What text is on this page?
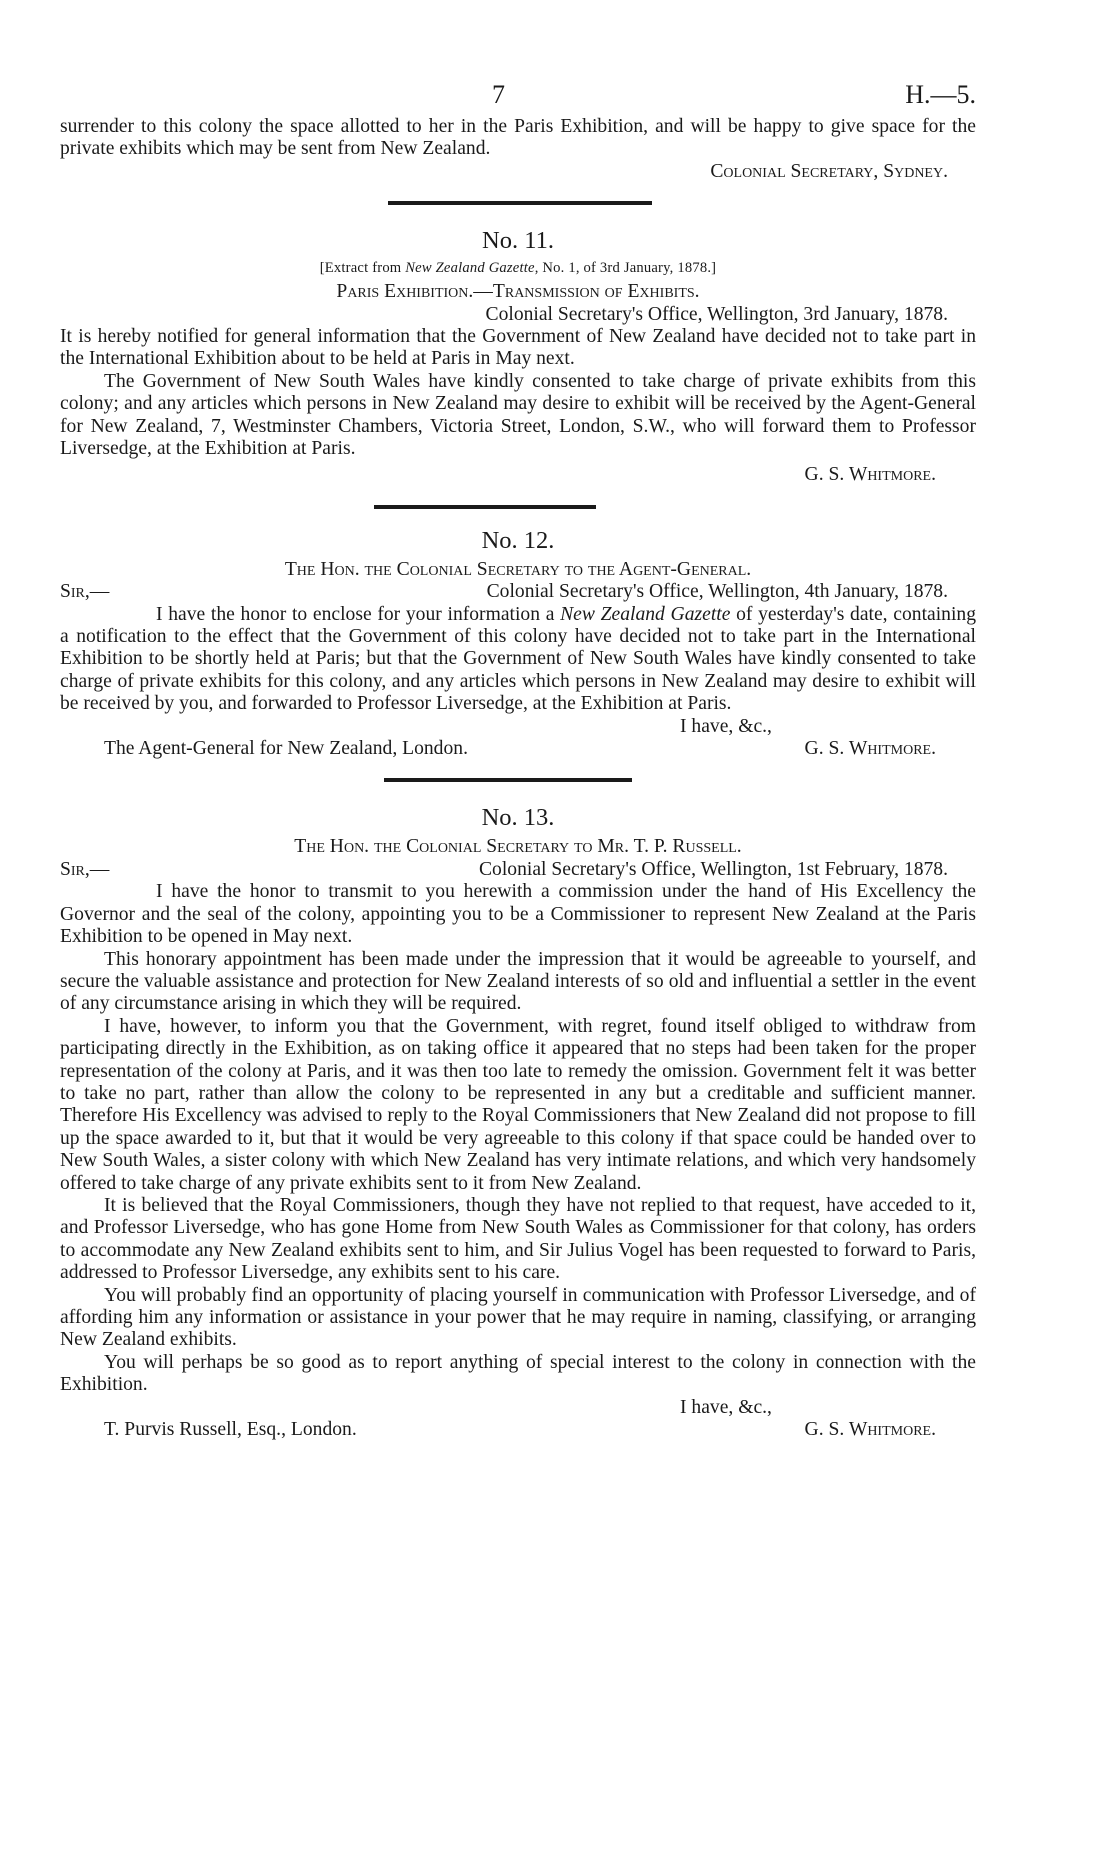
7	H.—5.

surrender to this colony the space allotted to her in the Paris Exhibition, and will be happy to give space for the private exhibits which may be sent from New Zealand.

Colonial Secretary, Sydney.

No. 11.
[Extract from New Zealand Gazette, No. 1, of 3rd January, 1878.]

Paris Exhibition.—Transmission of Exhibits.

Colonial Secretary's Office, Wellington, 3rd January, 1878.

It is hereby notified for general information that the Government of New Zealand have decided not to take part in the International Exhibition about to be held at Paris in May next.

The Government of New South Wales have kindly consented to take charge of private exhibits from this colony; and any articles which persons in New Zealand may desire to exhibit will be received by the Agent-General for New Zealand, 7, Westminster Chambers, Victoria Street, London, S.W., who will forward them to Professor Liversedge, at the Exhibition at Paris.

G. S. Whitmore.

No. 12.

The Hon. the Colonial Secretary to the Agent-General.

Sir,—	Colonial Secretary's Office, Wellington, 4th January, 1878.

I have the honor to enclose for your information a New Zealand Gazette of yesterday's date, containing a notification to the effect that the Government of this colony have decided not to take part in the International Exhibition to be shortly held at Paris; but that the Government of New South Wales have kindly consented to take charge of private exhibits for this colony, and any articles which persons in New Zealand may desire to exhibit will be received by you, and forwarded to Professor Liversedge, at the Exhibition at Paris.

I have, &c.,
The Agent-General for New Zealand, London.	G. S. Whitmore.
No. 13.

The Hon. the Colonial Secretary to Mr. T. P. Russell.

Sir,—	Colonial Secretary's Office, Wellington, 1st February, 1878.

I have the honor to transmit to you herewith a commission under the hand of His Excellency the Governor and the seal of the colony, appointing you to be a Commissioner to represent New Zealand at the Paris Exhibition to be opened in May next.

This honorary appointment has been made under the impression that it would be agreeable to yourself, and secure the valuable assistance and protection for New Zealand interests of so old and influential a settler in the event of any circumstance arising in which they will be required.

I have, however, to inform you that the Government, with regret, found itself obliged to withdraw from participating directly in the Exhibition, as on taking office it appeared that no steps had been taken for the proper representation of the colony at Paris, and it was then too late to remedy the omission. Government felt it was better to take no part, rather than allow the colony to be represented in any but a creditable and sufficient manner. Therefore His Excellency was advised to reply to the Royal Commissioners that New Zealand did not propose to fill up the space awarded to it, but that it would be very agreeable to this colony if that space could be handed over to New South Wales, a sister colony with which New Zealand has very intimate relations, and which very handsomely offered to take charge of any private exhibits sent to it from New Zealand.

It is believed that the Royal Commissioners, though they have not replied to that request, have acceded to it, and Professor Liversedge, who has gone Home from New South Wales as Commissioner for that colony, has orders to accommodate any New Zealand exhibits sent to him, and Sir Julius Vogel has been requested to forward to Paris, addressed to Professor Liversedge, any exhibits sent to his care.

You will probably find an opportunity of placing yourself in communication with Professor Liversedge, and of affording him any information or assistance in your power that he may require in naming, classifying, or arranging New Zealand exhibits.

You will perhaps be so good as to report anything of special interest to the colony in connection with the Exhibition.

I have, &c.,
T. Purvis Russell, Esq., London.	G. S. Whitmore.
